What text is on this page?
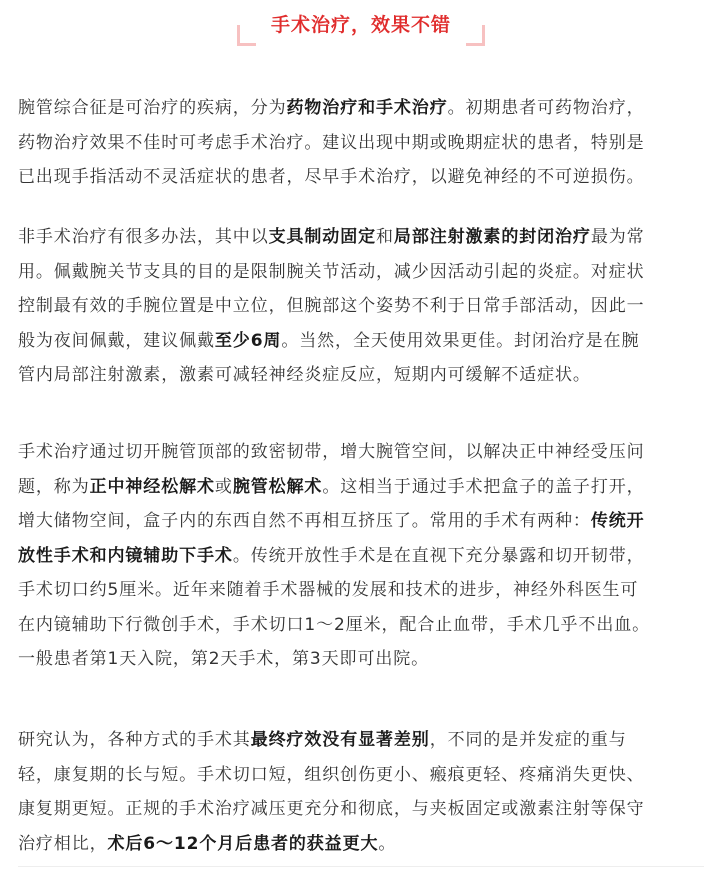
手术治疗，效果不错
腕管综合征是可治疗的疾病，分为药物治疗和手术治疗。初期患者可药物治疗，
药物治疗效果不佳时可考虑手术治疗。建议出现中期或晚期症状的患者，特别是
已出现手指活动不灵活症状的患者，尽早手术治疗，以避免神经的不可逆损伤。
非手术治疗有很多办法，其中以支具制动固定和局部注射激素的封闭治疗最为常
用。佩戴腕关节支具的目的是限制腕关节活动，减少因活动引起的炎症。对症状
控制最有效的手腕位置是中立位，但腕部这个姿势不利于日常手部活动，因此一
般为夜间佩戴，建议佩戴至少6周。当然，全天使用效果更佳。封闭治疗是在腕
管内局部注射激素，激素可减轻神经炎症反应，短期内可缓解不适症状。
手术治疗通过切开腕管顶部的致密韧带，增大腕管空间，以解决正中神经受压问
题，称为正中神经松解术或腕管松解术。这相当于通过手术把盒子的盖子打开，
增大储物空间，盒子内的东西自然不再相互挤压了。常用的手术有两种：传统开
放性手术和内镜辅助下手术。传统开放性手术是在直视下充分暴露和切开韧带，
手术切口约5厘米。近年来随着手术器械的发展和技术的进步，神经外科医生可
在内镜辅助下行微创手术，手术切口1～2厘米，配合止血带，手术几乎不出血。
一般患者第1天入院，第2天手术，第3天即可出院。
研究认为，各种方式的手术其最终疗效没有显著差别，不同的是并发症的重与
轻，康复期的长与短。手术切口短，组织创伤更小、瘢痕更轻、疼痛消失更快、
康复期更短。正规的手术治疗减压更充分和彻底，与夹板固定或激素注射等保守
治疗相比，术后6～12个月后患者的获益更大。
